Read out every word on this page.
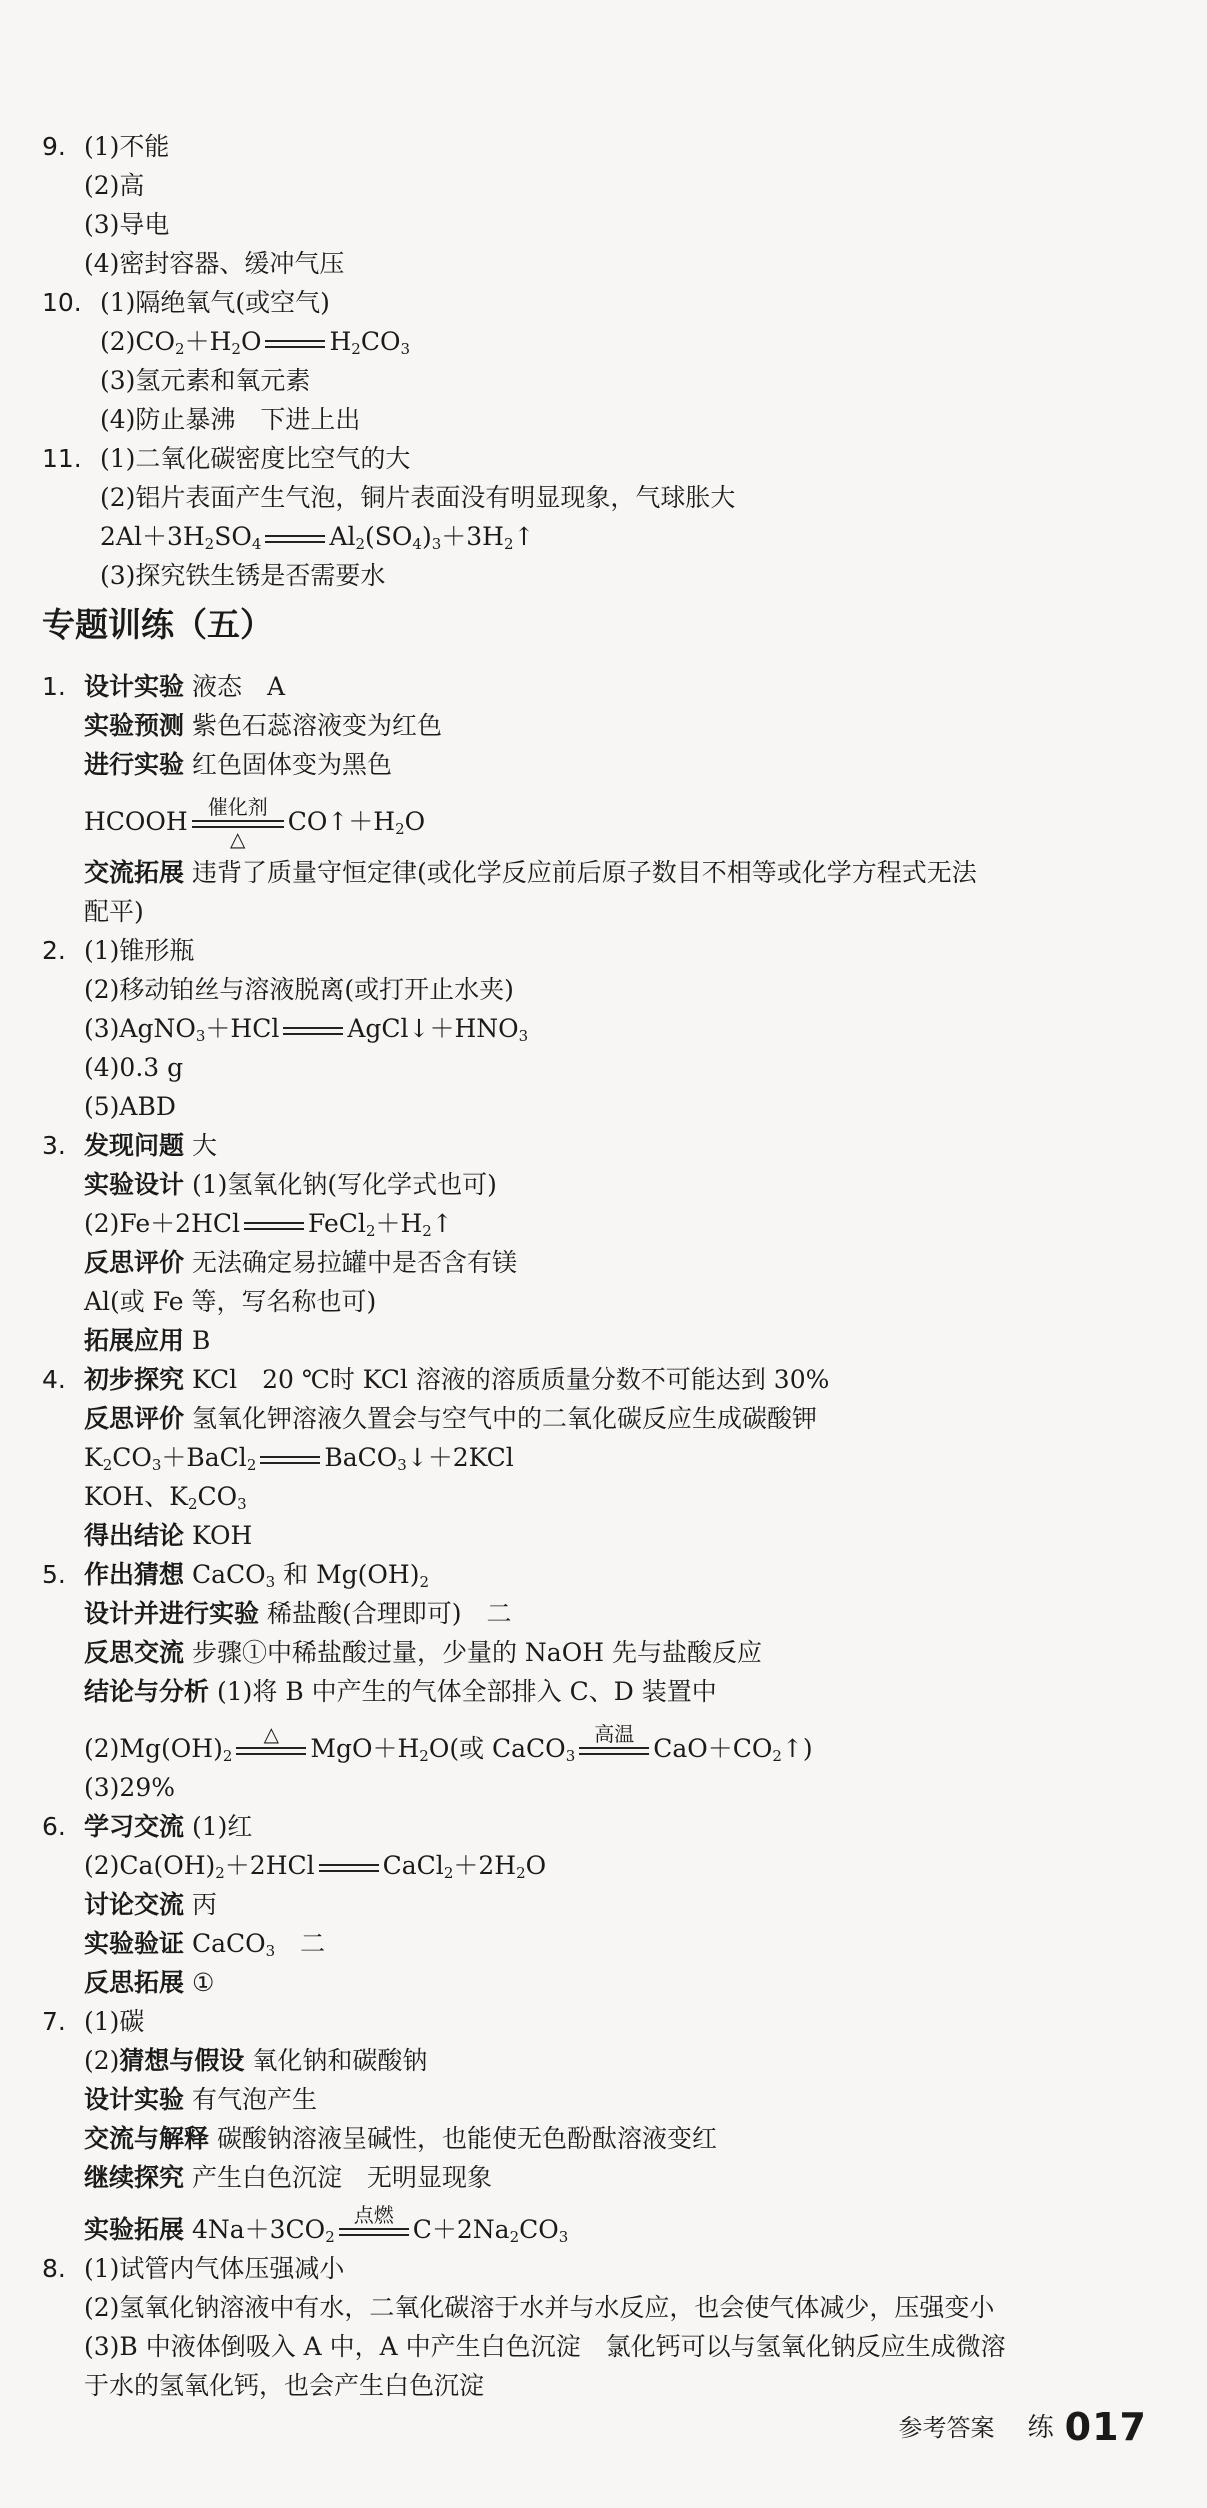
9. (1)不能
(2)高
(3)导电
(4)密封容器、缓冲气压
10. (1)隔绝氧气(或空气)
$(2)CO_2+H_2O$	$H_2CO_3$
(3)氢元素和氧元素
(4)防止暴沸　下进上出
11. (1)二氧化碳密度比空气的大
(2)铝片表面产生气泡，铜片表面没有明显现象，气球胀大
$2Al+3H_2SO_4$	$Al_2(SO_4)_3+3H_2↑$
(3)探究铁生锈是否需要水
专题训练（五）
1. 设计实验 液态　A
实验预测 紫色石蕊溶液变为红色
进行实验 红色固体变为黑色
HCOOH
催化剂
△
$CO↑+H_2O$
交流拓展 违背了质量守恒定律(或化学反应前后原子数目不相等或化学方程式无法
配平)
2. (1)锥形瓶
(2)移动铂丝与溶液脱离(或打开止水夹)
(3)AgNO$_3$＋HCl	$AgCl↓+HNO_3$
(4)0.3 g
(5)ABD
3. 发现问题 大
实验设计 (1)氢氧化钠(写化学式也可)
(2)Fe＋2HCl	$FeCl_2+H_2↑$
反思评价 无法确定易拉罐中是否含有镁
Al(或 Fe 等，写名称也可)
拓展应用 B
4. 初步探究 KCl　20 ℃时 KCl 溶液的溶质质量分数不可能达到 30%
反思评价 氢氧化钾溶液久置会与空气中的二氧化碳反应生成碳酸钾
$K_2CO_3+BaCl_2$	BaCO$_3$↓＋2KCl
KOH、$K_2CO_3$
得出结论 KOH
5. 作出猜想 CaCO$_3$ 和 $Mg(OH)_2$
设计并进行实验 稀盐酸(合理即可)　二
反思交流 步骤①中稀盐酸过量，少量的 NaOH 先与盐酸反应
结论与分析 (1)将 B 中产生的气体全部排入 C、D 装置中
$(2)Mg(OH)_2$
△
$MgO+H_2O$(或 CaCO$_3$
高温
$CaO+CO_2↑$)
(3)29%
6. 学习交流 (1)红
$(2)Ca(OH)_2+2HCl$	$CaCl_2+2H_2O$
讨论交流 丙
实验验证 CaCO$_3$　二
反思拓展 ①
7. (1)碳
(2)猜想与假设 氧化钠和碳酸钠
设计实验 有气泡产生
交流与解释 碳酸钠溶液呈碱性，也能使无色酚酞溶液变红
继续探究 产生白色沉淀　无明显现象
实验拓展 $4Na+3CO_2$
点燃
$C+2Na_2CO_3$
8. (1)试管内气体压强减小
(2)氢氧化钠溶液中有水，二氧化碳溶于水并与水反应，也会使气体减少，压强变小
(3)B 中液体倒吸入 A 中，A 中产生白色沉淀　氯化钙可以与氢氧化钠反应生成微溶
于水的氢氧化钙，也会产生白色沉淀
参考答案 练 017
